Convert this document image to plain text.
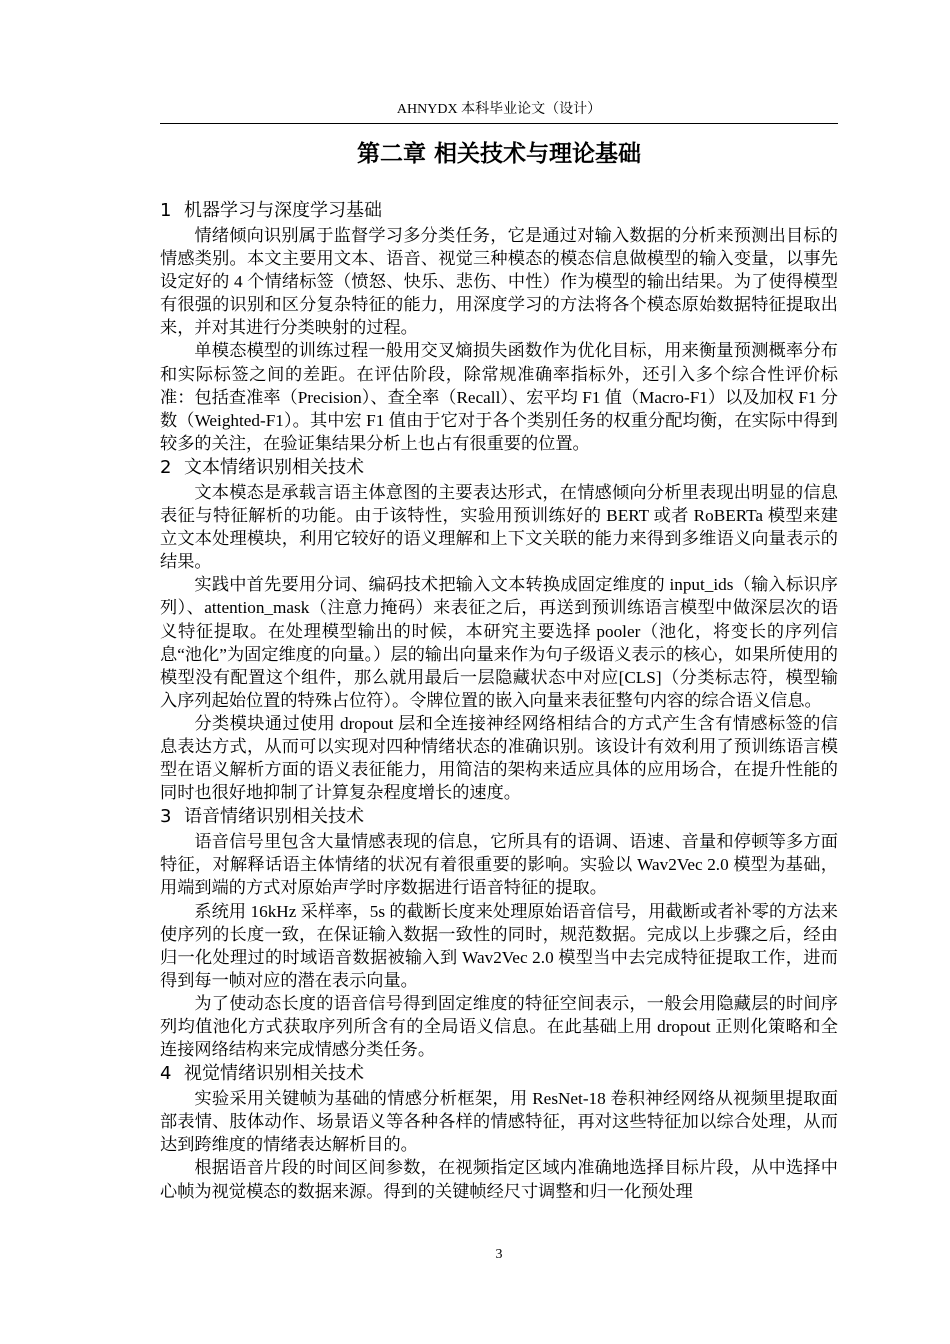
AHNYDX 本科毕业论文（设计）
第二章 相关技术与理论基础
1 机器学习与深度学习基础

情绪倾向识别属于监督学习多分类任务，它是通过对输入数据的分析来预测出目标的情感类别。本文主要用文本、语音、视觉三种模态的模态信息做模型的输入变量，以事先设定好的 4 个情绪标签（愤怒、快乐、悲伤、中性）作为模型的输出结果。为了使得模型有很强的识别和区分复杂特征的能力，用深度学习的方法将各个模态原始数据特征提取出来，并对其进行分类映射的过程。

单模态模型的训练过程一般用交叉熵损失函数作为优化目标，用来衡量预测概率分布和实际标签之间的差距。在评估阶段，除常规准确率指标外，还引入多个综合性评价标准：包括查准率（Precision）、查全率（Recall）、宏平均 F1 值（Macro-F1）以及加权 F1 分数（Weighted-F1）。其中宏 F1 值由于它对于各个类别任务的权重分配均衡，在实际中得到较多的关注，在验证集结果分析上也占有很重要的位置。

2 文本情绪识别相关技术

文本模态是承载言语主体意图的主要表达形式，在情感倾向分析里表现出明显的信息表征与特征解析的功能。由于该特性，实验用预训练好的 BERT 或者 RoBERTa 模型来建立文本处理模块，利用它较好的语义理解和上下文关联的能力来得到多维语义向量表示的结果。

实践中首先要用分词、编码技术把输入文本转换成固定维度的 input_ids（输入标识序列）、attention_mask（注意力掩码）来表征之后，再送到预训练语言模型中做深层次的语义特征提取。在处理模型输出的时候，本研究主要选择 pooler（池化，将变长的序列信息“池化”为固定维度的向量。）层的输出向量来作为句子级语义表示的核心，如果所使用的模型没有配置这个组件，那么就用最后一层隐藏状态中对应[CLS]（分类标志符，模型输入序列起始位置的特殊占位符）。令牌位置的嵌入向量来表征整句内容的综合语义信息。

分类模块通过使用 dropout 层和全连接神经网络相结合的方式产生含有情感标签的信息表达方式，从而可以实现对四种情绪状态的准确识别。该设计有效利用了预训练语言模型在语义解析方面的语义表征能力，用简洁的架构来适应具体的应用场合，在提升性能的同时也很好地抑制了计算复杂程度增长的速度。

3 语音情绪识别相关技术

语音信号里包含大量情感表现的信息，它所具有的语调、语速、音量和停顿等多方面特征，对解释话语主体情绪的状况有着很重要的影响。实验以 Wav2Vec 2.0 模型为基础，用端到端的方式对原始声学时序数据进行语音特征的提取。

系统用 16kHz 采样率，5s 的截断长度来处理原始语音信号，用截断或者补零的方法来使序列的长度一致，在保证输入数据一致性的同时，规范数据。完成以上步骤之后，经由归一化处理过的时域语音数据被输入到 Wav2Vec 2.0 模型当中去完成特征提取工作，进而得到每一帧对应的潜在表示向量。

为了使动态长度的语音信号得到固定维度的特征空间表示，一般会用隐藏层的时间序列均值池化方式获取序列所含有的全局语义信息。在此基础上用 dropout 正则化策略和全连接网络结构来完成情感分类任务。

4 视觉情绪识别相关技术

实验采用关键帧为基础的情感分析框架，用 ResNet-18 卷积神经网络从视频里提取面部表情、肢体动作、场景语义等各种各样的情感特征，再对这些特征加以综合处理，从而达到跨维度的情绪表达解析目的。

根据语音片段的时间区间参数，在视频指定区域内准确地选择目标片段，从中选择中心帧为视觉模态的数据来源。得到的关键帧经尺寸调整和归一化预处理

3
